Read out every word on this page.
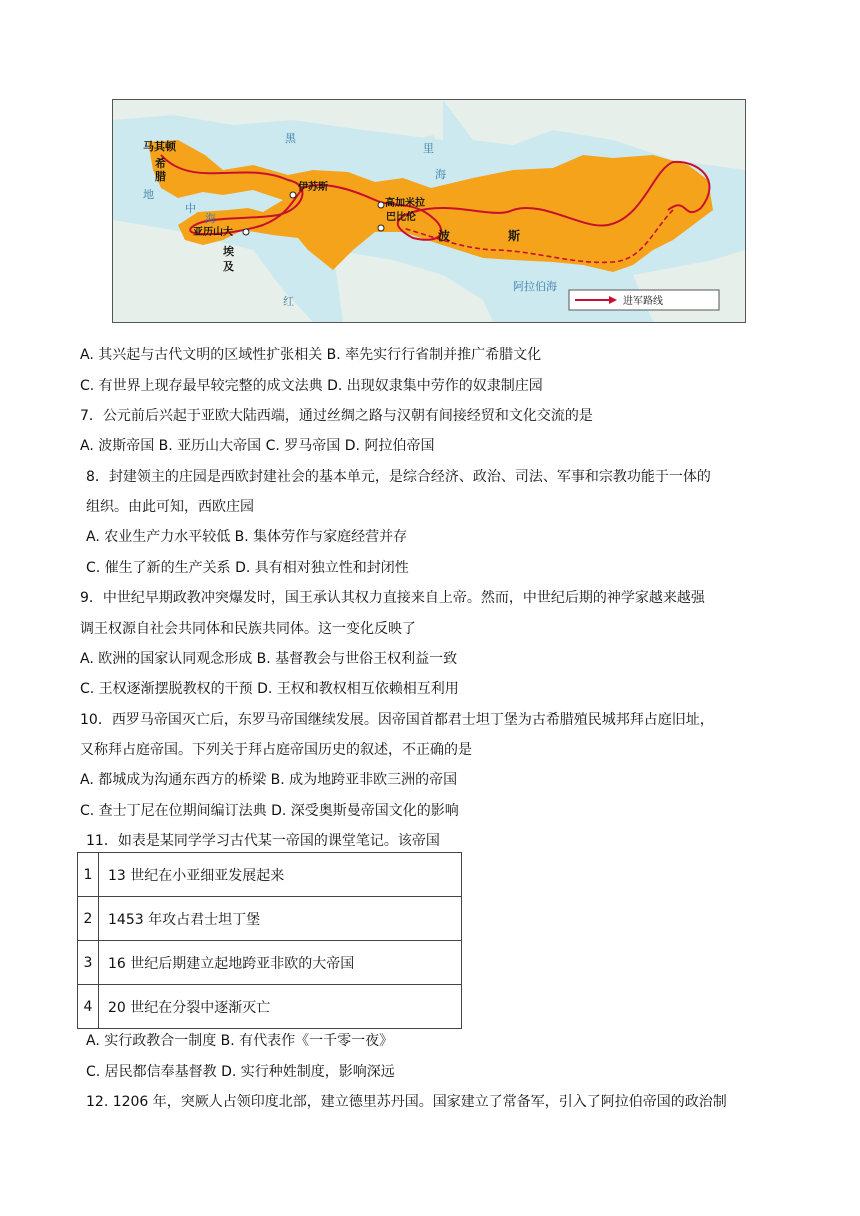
马其顿
希
腊
伊苏斯
高加米拉
巴比伦
亚历山大
埃
及
波	斯
黑
地
中
海
红
里
海
阿拉伯海
进军路线
A. 其兴起与古代文明的区域性扩张相关 B. 率先实行行省制并推广希腊文化
C. 有世界上现存最早较完整的成文法典 D. 出现奴隶集中劳作的奴隶制庄园
7．公元前后兴起于亚欧大陆西端，通过丝绸之路与汉朝有间接经贸和文化交流的是
A. 波斯帝国 B. 亚历山大帝国 C. 罗马帝国 D. 阿拉伯帝国
8．封建领主的庄园是西欧封建社会的基本单元，是综合经济、政治、司法、军事和宗教功能于一体的
组织。由此可知，西欧庄园
A. 农业生产力水平较低 B. 集体劳作与家庭经营并存
C. 催生了新的生产关系 D. 具有相对独立性和封闭性
9．中世纪早期政教冲突爆发时，国王承认其权力直接来自上帝。然而，中世纪后期的神学家越来越强
调王权源自社会共同体和民族共同体。这一变化反映了
A. 欧洲的国家认同观念形成 B. 基督教会与世俗王权利益一致
C. 王权逐渐摆脱教权的干预 D. 王权和教权相互依赖相互利用
10．西罗马帝国灭亡后，东罗马帝国继续发展。因帝国首都君士坦丁堡为古希腊殖民城邦拜占庭旧址，
又称拜占庭帝国。下列关于拜占庭帝国历史的叙述，不正确的是
A. 都城成为沟通东西方的桥梁 B. 成为地跨亚非欧三洲的帝国
C. 查士丁尼在位期间编订法典 D. 深受奥斯曼帝国文化的影响
11．如表是某同学学习古代某一帝国的课堂笔记。该帝国
1	13 世纪在小亚细亚发展起来
2	1453 年攻占君士坦丁堡
3	16 世纪后期建立起地跨亚非欧的大帝国
4	20 世纪在分裂中逐渐灭亡
A. 实行政教合一制度 B. 有代表作《一千零一夜》
C. 居民都信奉基督教 D. 实行种姓制度，影响深远
12. 1206 年，突厥人占领印度北部，建立德里苏丹国。国家建立了常备军，引入了阿拉伯帝国的政治制
